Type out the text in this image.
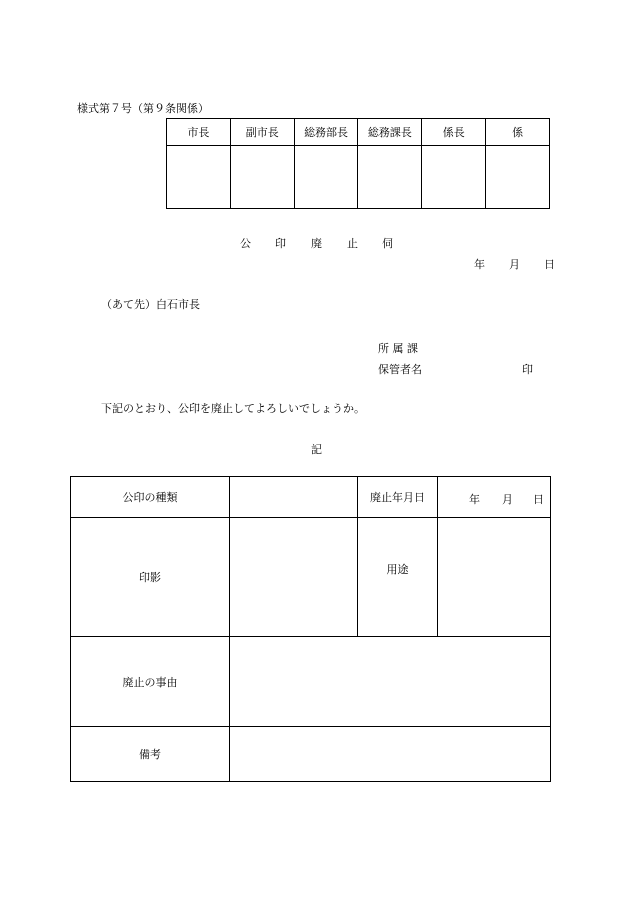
様式第７号（第９条関係）
市長	副市長	総務部長	総務課長	係長	係

公 印 廃 止 伺
年 月 日
（あて先）白石市長
所 属 課
保管者名	印
下記のとおり、公印を廃止してよろしいでしょうか。
記
公印の種類		廃止年月日	年 月 日

印影		用途	
廃止の事由			
備考			
